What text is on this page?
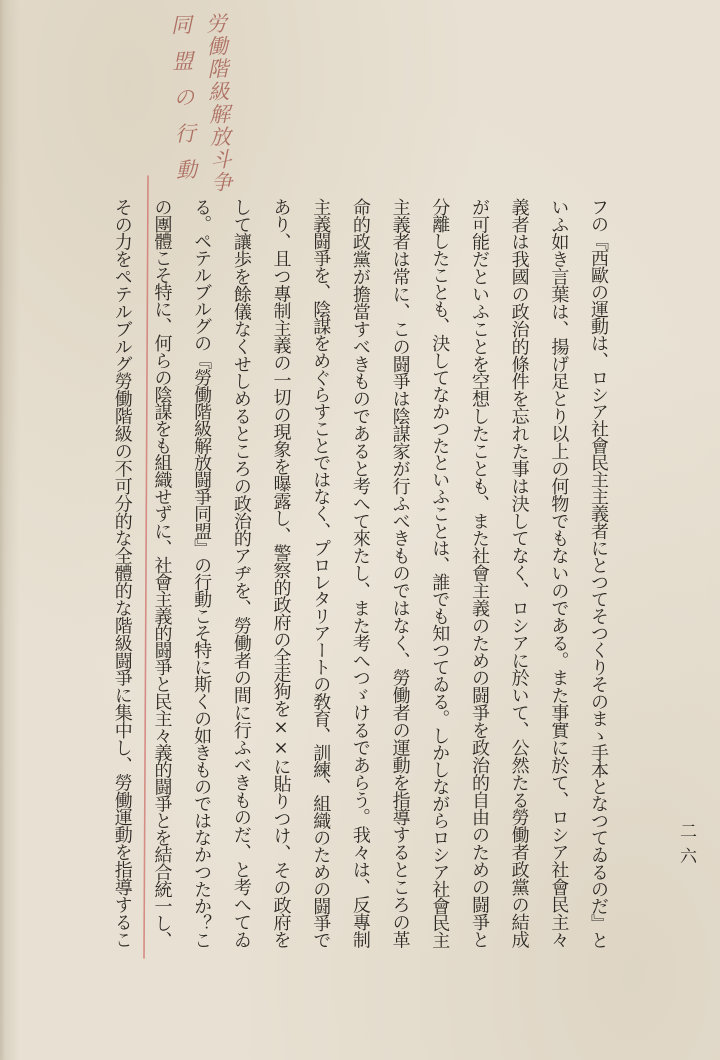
労働階級解放斗争
同盟の行動
フの『西歐の運動は、ロシア社會民主主義者にとつてそつくりそのまゝ手本となつてゐるのだ』と
いふ如き言葉は、揚げ足とり以上の何物でもないのである。また事實に於て、ロシア社會民主々
義者は我國の政治的條件を忘れた事は決してなく、ロシアに於いて、公然たる勞働者政黨の結成
が可能だといふことを空想したことも、また社會主義のための闘爭を政治的自由のための闘爭と
分離したことも、決してなかつたといふことは、誰でも知つてゐる。しかしながらロシア社會民主
主義者は常に、この闘爭は陰謀家が行ふべきものではなく、勞働者の運動を指導するところの革
命的政黨が擔當すべきものであると考へて來たし、また考へつゞけるであらう。我々は、反專制
主義闘爭を、陰謀をめぐらすことではなく、プロレタリアートの敎育、訓練、組織のための闘爭で
あり、且つ專制主義の一切の現象を曝露し、警察的政府の全走狗を××に貼りつけ、その政府を
して讓歩を餘儀なくせしめるところの政治的アヂを、勞働者の間に行ふべきものだ、と考へてゐ
る。ペテルブルグの『勞働階級解放闘爭同盟』の行動こそ特に斯くの如きものではなかつたか？こ
の團體こそ特に、何らの陰謀をも組織せずに、社會主義的闘爭と民主々義的闘爭とを結合統一し、
その力をペテルブルグ勞働階級の不可分的な全體的な階級闘爭に集中し、勞働運動を指導するこ	二六
